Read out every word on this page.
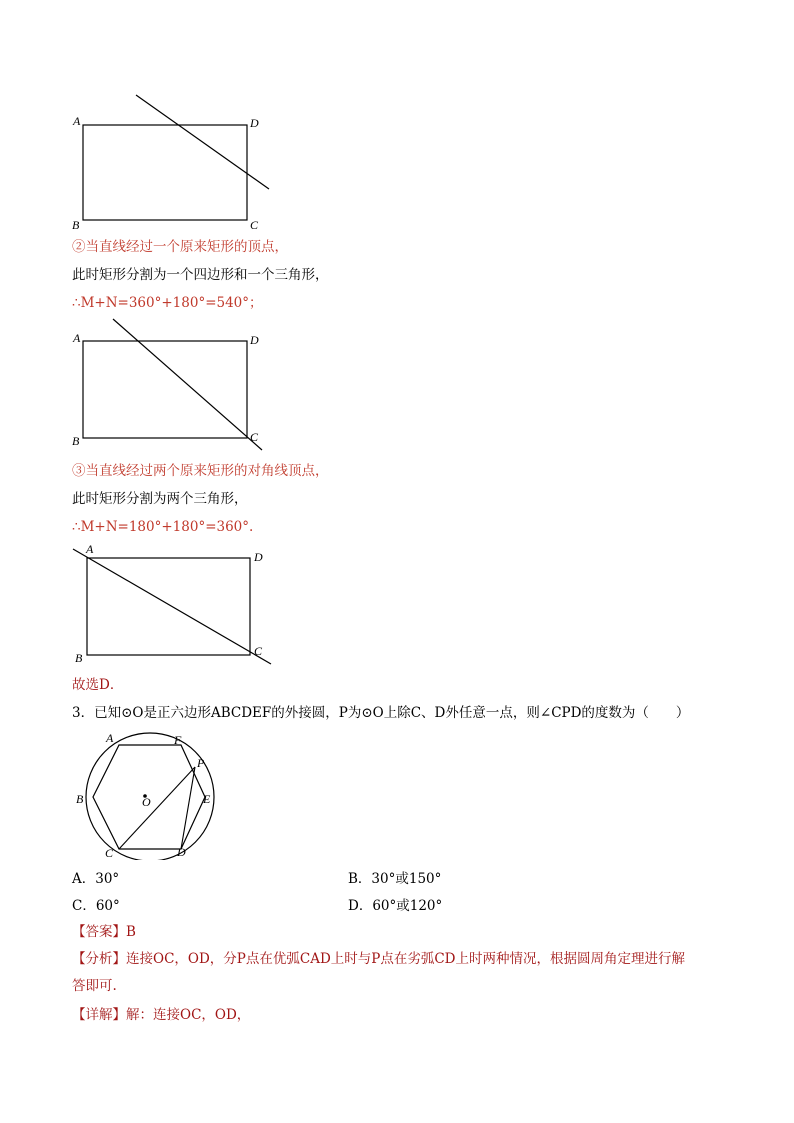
A	D
B	C
②当直线经过一个原来矩形的顶点，
此时矩形分割为一个四边形和一个三角形，
∴M+N=360°+180°=540°；
A	D
B	C
③当直线经过两个原来矩形的对角线顶点，
此时矩形分割为两个三角形，
∴M+N=180°+180°=360°.
A
D
B	C
故选D．
3．已知⊙O是正六边形ABCDEF的外接圆，P为⊙O上除C、D外任意一点，则∠CPD的度数为（　　）
A	F
P
B	O	E
C	D
A．30°	B．30°或150°
C．60°	D．60°或120°
【答案】B
【分析】连接OC，OD，分P点在优弧CAD上时与P点在劣弧CD上时两种情况，根据圆周角定理进行解
答即可.
【详解】解：连接OC，OD，
